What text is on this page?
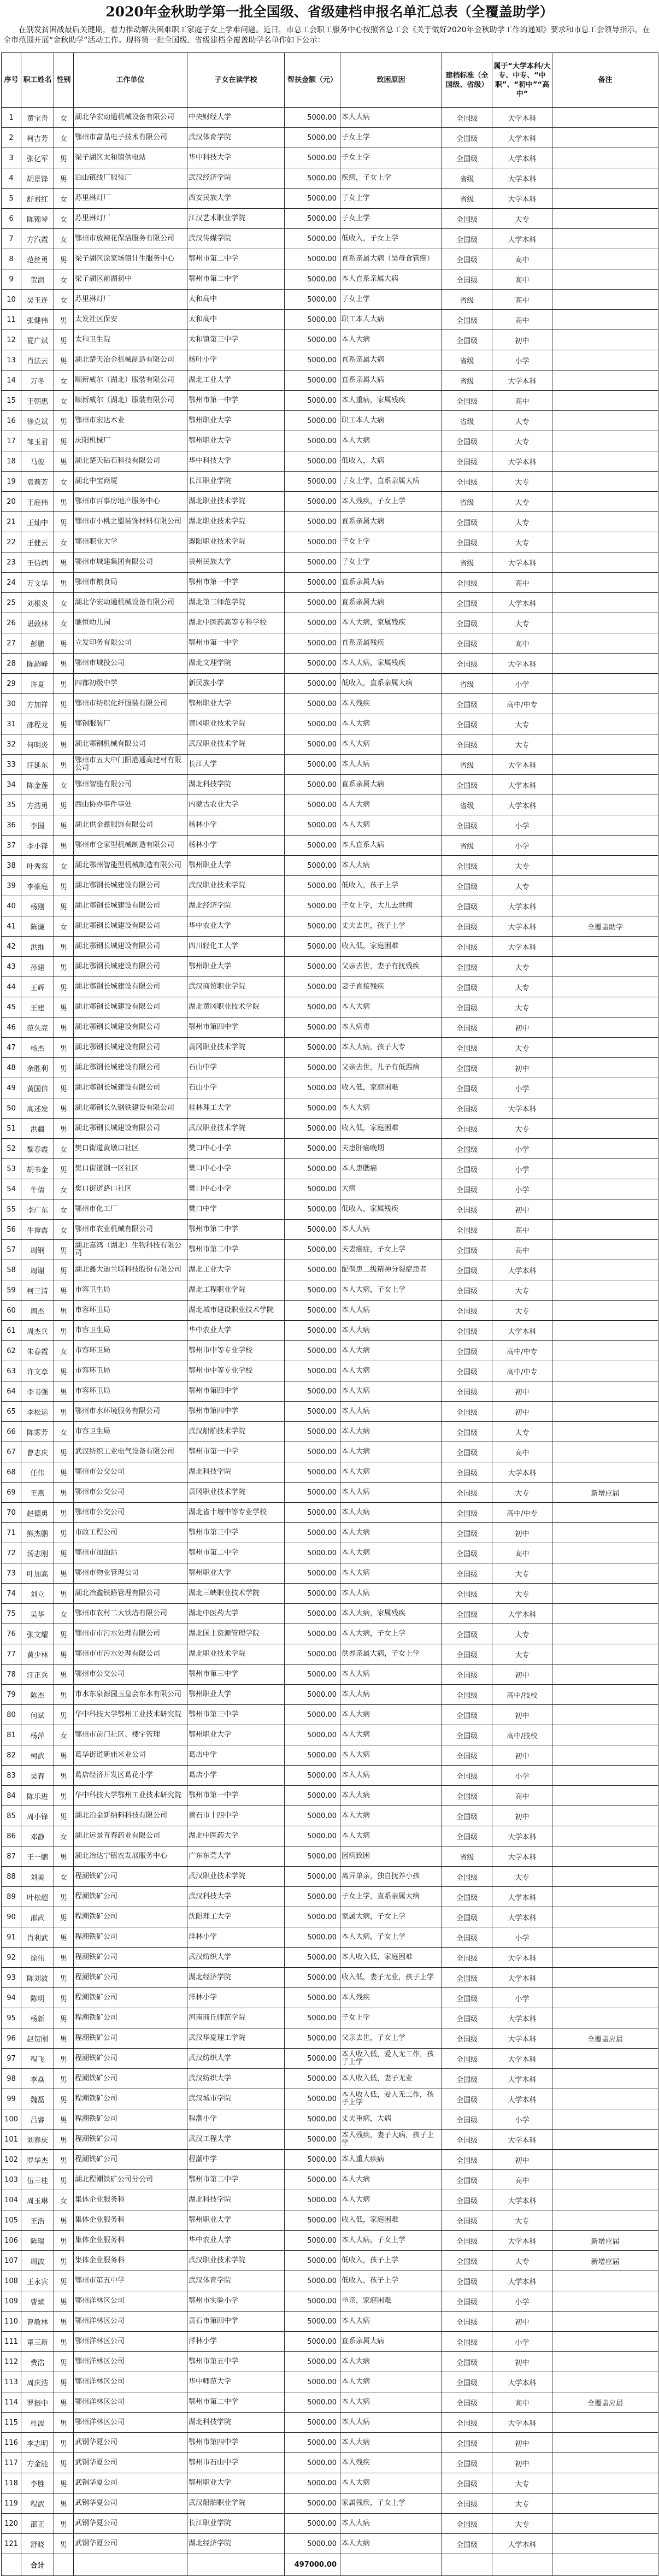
2020年金秋助学第一批全国级、省级建档申报名单汇总表（全覆盖助学）

在别发贫困战最后关键期，着力推动解决困难职工家庭子女上学难问题。近日，市总工会职工服务中心按照省总工会《关于做好2020年金秋助学工作的通知》要求和市总工会领导指示，在全市范围开展“金秋助学”活动工作。现将第一批全国级、省级建档全覆盖助学名单作如下公示：

序号	职工姓名	性别	工作单位	子女在读学校	帮扶金额（元）	致困原因	建档标准（全国级、省级）	属于“大学本科/大专、中专、“中职”、“初中”“高中”	备注
1	黄宝舟	女	湖北华宏动通机械设备有限公司	中央财经大学	5000.00	本人大病	全国级	大学本科	
2	柯吉芳	女	鄂州市富晶电子技术有限公司	武汉体育学院	5000.00	子女上学	全国级	大学本科	
3	张亿军	男	梁子湖区太和镇供电站	华中科技大学	5000.00	子女上学	全国级	大学本科	
4	胡景锋	男	泊山镇线厂服装厂	武汉经济学院	5000.00	疾病，子女上学	省级	大学本科	
5	舒君红	女	苏里淋灯厂	西安民族大学	5000.00	子女上学	省级	大学本科	
6	陈锦琴	女	苏里淋灯厂	江汉艺术职业学院	5000.00	子女上学	全国级	大专	
7	方汽霞	女	鄂州市放辣花保洁服务有限公司	武汉传媒学院	5000.00	低收入，子女上学	全国级	大学本科	
8	范丝勇	男	梁子湖区涂家场镇计生服务中心	鄂州市第二中学	5000.00	直系亲属大病（吴母食管癌）	全国级	高中	
9	贺润	女	梁子湖区前湖初中	鄂州市第二中学	5000.00	本人直系亲属大病	全国级	高中	
10	吴玉连	女	苏里淋灯厂	太和高中	5000.00	子女上学	省级	高中	
11	张健伟	男	太发社区保安	太和高中	5000.00	职工本人大病	全国级	高中	
12	夏广斌	男	太和卫生院	太和镇第三中学	5000.00	本人大病	全国级	初中	
13	肖法云	男	湖北楚天冶金机械制造有限公司	杨叶小学	5000.00	直系亲属大病	省级	小学	
14	万冬	女	顺新威尔（湖北）服装有限公司	湖北工业大学	5000.00	直系亲属大病	省级	大学本科	
15	王朝惠	女	顺新威尔（湖北）服装有限公司	鄂州市第一中学	5000.00	本人重病，家属残疾	全国级	高中	
16	徐克斌	男	鄂州市宏达木业	鄂州职业大学	5000.00	职工本人大病	省级	大专	
17	邹玉君	男	庆阳机械厂	鄂州职业大学	5000.00	本人大病	全国级	大专	
18	马俊	男	湖北楚天钻石科技有限公司	华中科技大学	5000.00	低收入，大病	全国级	大学本科	
19	袁莉芳	女	湖北中宝商厦	长江职业学院	5000.00	子女上学，直系亲属大病	全国级	大专	
20	王庭伟	男	鄂州市百事房地产服务中心	湖北职业技术学院	5000.00	本人残疾，子女上学	省级	大专	
21	王灿中	男	鄂州市小桃之盟装饰材料有限公司	湖北职业技术学院	5000.00	直系亲属大病	全国级	大专	
22	王健云	女	鄂州职业大学	襄阳职业技术学院	5000.00	子女上学	全国级	大专	
23	王信炳	男	鄂州市城建集团有限公司	贵州民族大学	5000.00	子女上学	省级	大学本科	
24	万文华	男	鄂州市粮食局	鄂州市第一中学	5000.00	直系亲属大病	全国级	高中	
25	刘根炎	女	湖北华宏动通机械设备有限公司	湖北第二师范学院	5000.00	直系亲属大病	全国级	大学本科	
26	谌敦林	女	驰恒幼儿园	湖北中医药高等专科学校	5000.00	本人大病，家属残疾	全国级	大专	
27	彭鹏	男	立发印务有限公司	鄂州市第一中学	5000.00	直系亲属残疾	全国级	高中	
28	陈超峰	男	鄂州市城投公司	湖北文理学院	5000.00	本人大病，家属残疾	全国级	大学本科	
29	许夏	男	四都初级中学	新民族小学	5000.00	低收入，直系亲属大病	省级	小学	
30	方加祥	男	鄂州市纺织化纤服装有限公司	鄂州职业大学	5000.00	本人残疾	全国级	高中/中专	
31	邵程龙	男	鄂钢服装厂	黄冈职业技术学院	5000.00	本人大病	全国级	大专	
32	何明炎	男	湖北鄂钢机械有限公司	武汉职业技术学院	5000.00	本人大病	全国级	大专	
33	汪延东	男	鄂州市五大中门阳港通高建材有限公司	长江大学	5000.00	本人大病	省级	大学本科	
34	陈金莲	女	鄂州智能有限公司	湖北科技学院	5000.00	直系亲属大病	全国级	大学本科	
35	方浩勇	男	西山协办事件事处	内蒙古农业大学	5000.00	本人大病	省级	大学本科	
36	李国	男	湖北供金鑫服饰有限公司	杨林小学	5000.00	本人大病	全国级	小学	
37	李小锋	男	鄂州市仓家型机械制造有限公司	杨林小学	5000.00	本人直系大病	省级	小学	
38	叶秀容	女	湖北鄂州智能型机械制造有限公司	鄂州职业大学	5000.00	本人大病	全国级	大专	
39	李豪庭	男	湖北鄂钢长城建设有限公司	武汉职业技术学院	5000.00	低收入，孩子上学	全国级	大专	
40	杨刚	男	湖北鄂钢长城建设有限公司	湖北经济学院	5000.00	子女上学，大儿去世病	全国级	大学本科	
41	陈谦	女	湖北鄂钢长城建设有限公司	华中农业大学	5000.00	丈夫去世，孩子上学	全国级	大学本科	全覆盖助学
42	洪维	男	湖北鄂钢长城建设有限公司	四川轻化工大学	5000.00	收入低，家庭困难	全国级	大学本科	
43	孙建	男	湖北鄂钢长城建设有限公司	鄂州职业大学	5000.00	父亲去世，妻子有抚残疾	全国级	大专	
44	王辉	男	湖北鄂钢长城建设有限公司	武汉商贸职业学院	5000.00	妻子直接残疾	全国级	大专	
45	王建	男	湖北鄂钢长城建设有限公司	湖北黄冈职业技术学院	5000.00	本人大病	全国级	大专	
46	范久亮	男	湖北鄂钢长城建设有限公司	鄂州市第四中学	5000.00	本人病毒	全国级	初中	
47	杨杰	男	湖北鄂钢长城建设有限公司	黄冈职业技术学院	5000.00	本人大病，孩子大专	全国级	大专	
48	余胜利	男	湖北鄂钢长城建设有限公司	石山中学	5000.00	父亲去世，儿子有低温病	全国级	初中	
49	黄国信	男	湖北鄂钢长城建设有限公司	石山小学	5000.00	收入低，家庭困难	全国级	小学	
50	高述发	男	湖北鄂钢长久钢铁建设有限公司	桂林理工大学	5000.00	本人大病	全国级	大学本科	
51	洪疆	男	湖北鄂钢长城建设有限公司	武汉职业技术学院	5000.00	收入低，家庭困难	全国级	大专	
52	黎春霞	女	樊口街道黄墩口社区	樊口中心小学	5000.00	夫患肝癌晚期	全国级	小学	
53	胡书金	男	樊口街道钢一区社区	樊口中心小学	5000.00	本人患腮癌	全国级	小学	
54	牛倩	女	樊口街道路口社区	樊口中心小学	5000.00	大病	全国级	小学	
55	李广东	女	鄂州市化工厂	樊口中学	5000.00	低收入，家属残疾	全国级	初中	
56	牛谭霞	女	鄂州市农业机械有限公司	鄂州市第二中学	5000.00	本人大病	全国级	高中	
57	周钢	男	湖北嘉鸿（湖北）生物科技有限公司	鄂州市第二中学	5000.00	夫妻癌症，子女上学	全国级	高中	
58	周谢	男	湖北鑫大迪兰联科技股份有限公司	湖北工业大学	5000.00	配偶患二级精神分裂症患者	全国级	大学本科	
59	柯三清	男	市容卫生局	湖北工程职业学院	5000.00	本人大病，子女上学	全国级	大专	
60	周杰	男	市容环卫局	湖北城市建设职业技术学院	5000.00	本人大病	全国级	大专	
61	周杰兵	男	市容卫生局	华中农业大学	5000.00	本人大病	全国级	大学本科	
62	朱春霞	女	市容环卫局	鄂州市中等专业学校	5000.00	本人大病	全国级	高中/中专	
63	许文章	男	市容环卫局	鄂州市中等专业学校	5000.00	本人大病	全国级	高中/中专	
64	李书强	男	市容环卫局	鄂州市第四中学	5000.00	本人大病	全国级	初中	
65	李松运	男	鄂州市水环境服务有限公司	鄂州市第四中学	5000.00	本人大病	全国级	初中	
66	陈雾芳	女	市容卫生局	武汉船舶技术学院	5000.00	本人大病	全国级	大专	
67	曹志庆	男	武汉纺织工业电气设备有限公司	鄂州市第一中学	5000.00	本人大病	全国级	高中	
68	任伟	男	鄂州市公交公司	湖北科技学院	5000.00	本人大病	全国级	大学本科	
69	王燕	男	鄂州市公交公司	黄冈职业技术学院	5000.00	本人大病	全国级	大专	新增应届
70	赵德勇	男	鄂州市公交公司	湖北省十堰中等专业学校	5000.00	本人大病	全国级	高中/中专	
71	熊杰鹏	男	市政工程公司	鄂州市第三中学	5000.00	本人大病	全国级	初中	
72	汤志刚	男	鄂州市加油站	鄂州市第二中学	5000.00	本人大病	全国级	高中	
73	叶加高	男	鄂州市物业管理公司	鄂州职业大学	5000.00	本人大病	全国级	大专	
74	刘立	男	湖北冶鑫铁路管理有限公司	湖北三峡职业技术学院	5000.00	本人大病	全国级	大专	
75	吴华	女	鄂州市农村二大铁塔有限公司	湖北中医药大学	5000.00	本人大病，家属残疾	全国级	大学本科	
76	张文耀	男	鄂州市市污水处理有限公司	湖北国土资源管理学院	5000.00	本人大病，子女上学	全国级	大专	
77	黄少林	男	鄂州市市污水处理有限公司	湖北职业技术学院	5000.00	供养亲属大病，子女上学	全国级	大专	
78	汪正兵	男	鄂州市公交公司	鄂州市第三中学	5000.00	本人大病	全国级	初中	
79	陈杰	男	市水东泉源园玉皇会东水有限公司	鄂州职业大学	5000.00	本人大病	全国级	高中/技校	
80	何斌	男	华中科技大学鄂州工业技术研究院	鄂州市第三中学	5000.00	本人大病	全国级	初中	
81	杨萍	女	鄂州市前门社区、楼宇管理	鄂州职业大学	5000.00	本人大病	全国级	高中/技校	
82	柯武	男	葛华街道新庙米业公司	葛店中学	5000.00	本人大病	全国级	初中	
83	吴春	男	葛店经济开发区葛花小学	葛店小学	5000.00	本人大病	全国级	小学	
84	陈乐进	男	华中科技大学鄂州工业技术研究院	鄂州市第一中学	5000.00	本人大病	全国级	高中	
85	周小锋	男	湖北冶金新纳料科技有限公司	黄石市十四中学	5000.00	本人大病	全国级	初中	
86	邓静	女	湖北远景青春药业有限公司	湖北中医药大学	5000.00	本人大病	全国级	大学本科	
87	王一鹏	男	湖北冶达宁镇农发展服务中心	广东东莞大学	5000.00	因病致困	省级	大学本科	
88	刘美	女	程潮铁矿公司	武汉职业技术学院	5000.00	离异单亲，独自抚养小孩	全国级	大专	
89	叶松超	男	程潮铁矿公司	武汉科技大学	5000.00	子女上学，直系亲属大病	全国级	大学本科	
90	邵武	男	程潮铁矿公司	沈阳理工大学	5000.00	家属大病，子女上学	全国级	大学本科	
91	肖利武	男	程潮铁矿公司	洋林小学	5000.00	本人大病，子女上学	全国级	小学	
92	徐伟	男	程潮铁矿公司	武汉纺织大学	5000.00	本人收入低，家庭困难	全国级	大学本科	
93	陈刘波	男	程潮铁矿公司	湖北经济学院	5000.00	收入低，妻子无业，孩子上学	全国级	大学本科	
94	陈明	男	程潮铁矿公司	洋林小学	5000.00	本人残疾	全国级	小学	
95	杨新	男	程潮铁矿公司	河南商丘师范学院	5000.00	子女上学	全国级	大学本科	
96	赵贺刚	男	程潮铁矿公司	武汉华夏理工学院	5000.00	父亲去世，子女上学	全国级	大学本科	全覆盖应届
97	程飞	男	程潮铁矿公司	武汉纺织大学	5000.00	本人收入低，爱人无工作，孩子上学	全国级	大学本科	
98	李焱	男	程潮铁矿公司	武汉纺织大学	5000.00	本人收入低，妻子无业	全国级	大学本科	
99	魏磊	男	程潮铁矿公司	武汉城市学院	5000.00	本人收入低，爱人无工作，孩子上学	全国级	大学本科	
100	吕睿	男	程潮铁矿公司	程潮小学	5000.00	丈夫重病，大病	全国级	小学	
101	刘春庆	男	程潮铁矿公司	武汉工程大学	5000.00	本人残疾，妻子大病，孩子上学	全国级	大学本科	
102	罗华杰	男	程潮铁矿公司	程潮中学	5000.00	本人重大疾病	全国级	初中	
103	伍三桂	男	湖北程潮铁矿公司分公司	鄂州市第二中学	5000.00	本人大病	全国级	高中	
104	周玉琳	女	集体企业服务科	湖北科技学院	5000.00	本人大病	全国级	大学本科	
105	王浩	男	集体企业服务科	鄂州职业大学	5000.00	收入低，家庭困难	全国级	大专	
106	陈瑞	男	集体企业服务科	华中农业大学	5000.00	本人大病，子女上学	全国级	大学本科	新增应届
107	周波	男	集体企业服务科	武汉职业技术学院	5000.00	低收入，孩子上学	全国级	大专	新增应届
108	王永宾	男	鄂州市第五中学	武汉体育学院	5000.00	低收入，孩子上学	全国级	大学本科	
109	曹斌	男	鄂州洋林区公司	鄂州市实验小学	5000.00	单亲，家庭困难	全国级	小学	
110	曹敏林	男	鄂州洋林区公司	黄石市第四中学	5000.00	本人大病	全国级	初中	
111	童三新	男	鄂州洋林区公司	洋林小学	5000.00	直系亲属大病	全国级	小学	
112	费浩	男	鄂州洋林区公司	鄂州市第五中学	5000.00	本人大病	全国级	初中	
113	周庆浩	男	鄂州洋林区公司	华中师范大学	5000.00	本人大病	全国级	大学本科	
114	罗振中	男	鄂州洋林区公司	鄂州市第二中学	5000.00	本人大病	全国级	高中	全覆盖应届
115	杜波	男	鄂州洋林区公司	湖北科技学院	5000.00	本人大病	全国级	大学本科	
116	李志明	男	武钢华夏公司	鄂州市第四中学	5000.00	本人大病	全国级	初中	
117	方金能	男	武钢华夏公司	鄂州市石山中学	5000.00	本人残疾	全国级	初中	
118	李胜	男	武钢华夏公司	鄂州职业大学	5000.00	本人大病	全国级	大专	
119	程武	男	武钢华夏公司	武汉船舶职业学院	5000.00	家属残疾，子女上学	全国级	大专	
120	邵正	男	武钢华夏公司	长江职业学院	5000.00	本人大病	全国级	大专	
121	舒晓	男	武钢华夏公司	湖北经济学院	5000.00	本人大病	全国级	大学本科	
	合计				497000.00				
